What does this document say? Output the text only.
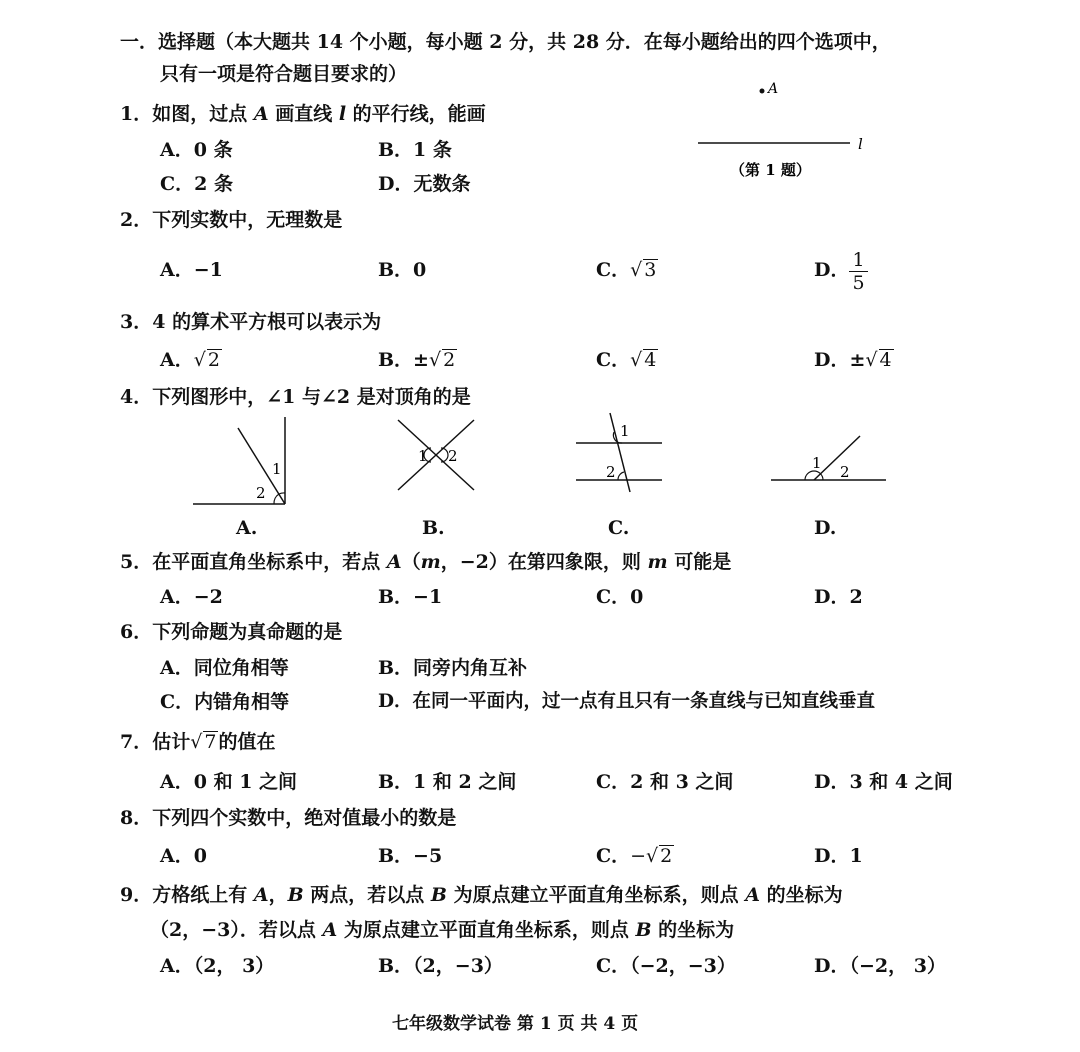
一．选择题（本大题共 14 个小题，每小题 2 分，共 28 分．在每小题给出的四个选项中，
只有一项是符合题目要求的）
1．如图，过点 A 画直线 l 的平行线，能画
A．0 条	B．1 条
C．2 条	D．无数条
A
l
（第 1 题）
2．下列实数中，无理数是
A．−1	B．0	C．√ 3	D． $\frac{1}{5}$
3．4 的算术平方根可以表示为
A．√ 2	B．±√ 2	C．√ 4	D．±√ 4
4．下列图形中，∠1 与∠2 是对顶角的是
1
2
A.
1 2
B.
1
2
C.
1 2
D.
5．在平面直角坐标系中，若点 A（m，−2）在第四象限，则 m 可能是
A．−2	B．−1	C．0	D．2
6．下列命题为真命题的是
A．同位角相等	B．同旁内角互补
C．内错角相等	D．在同一平面内，过一点有且只有一条直线与已知直线垂直
7．估计√ 7 的值在
A．0 和 1 之间	B．1 和 2 之间	C．2 和 3 之间	D．3 和 4 之间
8．下列四个实数中，绝对值最小的数是
A．0	B．−5	C．−√ 2	D．1
9．方格纸上有 A，B 两点，若以点 B 为原点建立平面直角坐标系，则点 A 的坐标为
（2，−3）．若以点 A 为原点建立平面直角坐标系，则点 B 的坐标为
A．（2， 3）	B．（2，−3）	C．（−2，−3）	D．（−2， 3）
七年级数学试卷 第 1 页 共 4 页
